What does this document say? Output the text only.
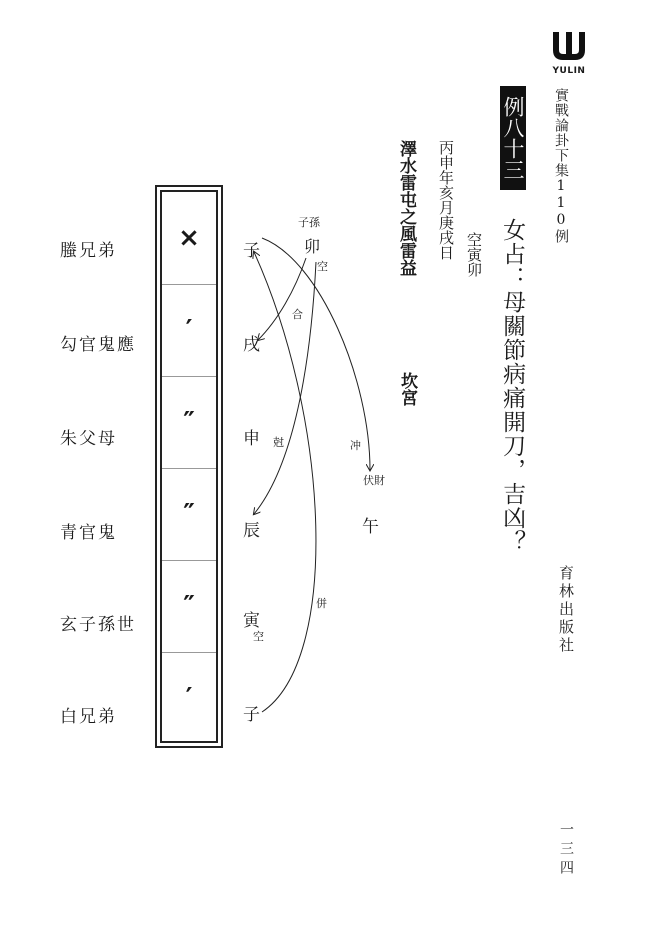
YULIN
實戰論卦下集110例
育林出版社
一三四
例八十三
女占：母關節病痛開刀，吉凶？
空寅卯
丙申年亥月庚戌日
澤水雷屯之風雷益
坎宮
螣兄弟
勾官鬼應
朱父母
青官鬼
玄子孫世
白兄弟
×
′
″
″
″
′
子
戌
申
辰
寅
子
子孫
卯
空
合
尅	冲
伏財
午
併
空
